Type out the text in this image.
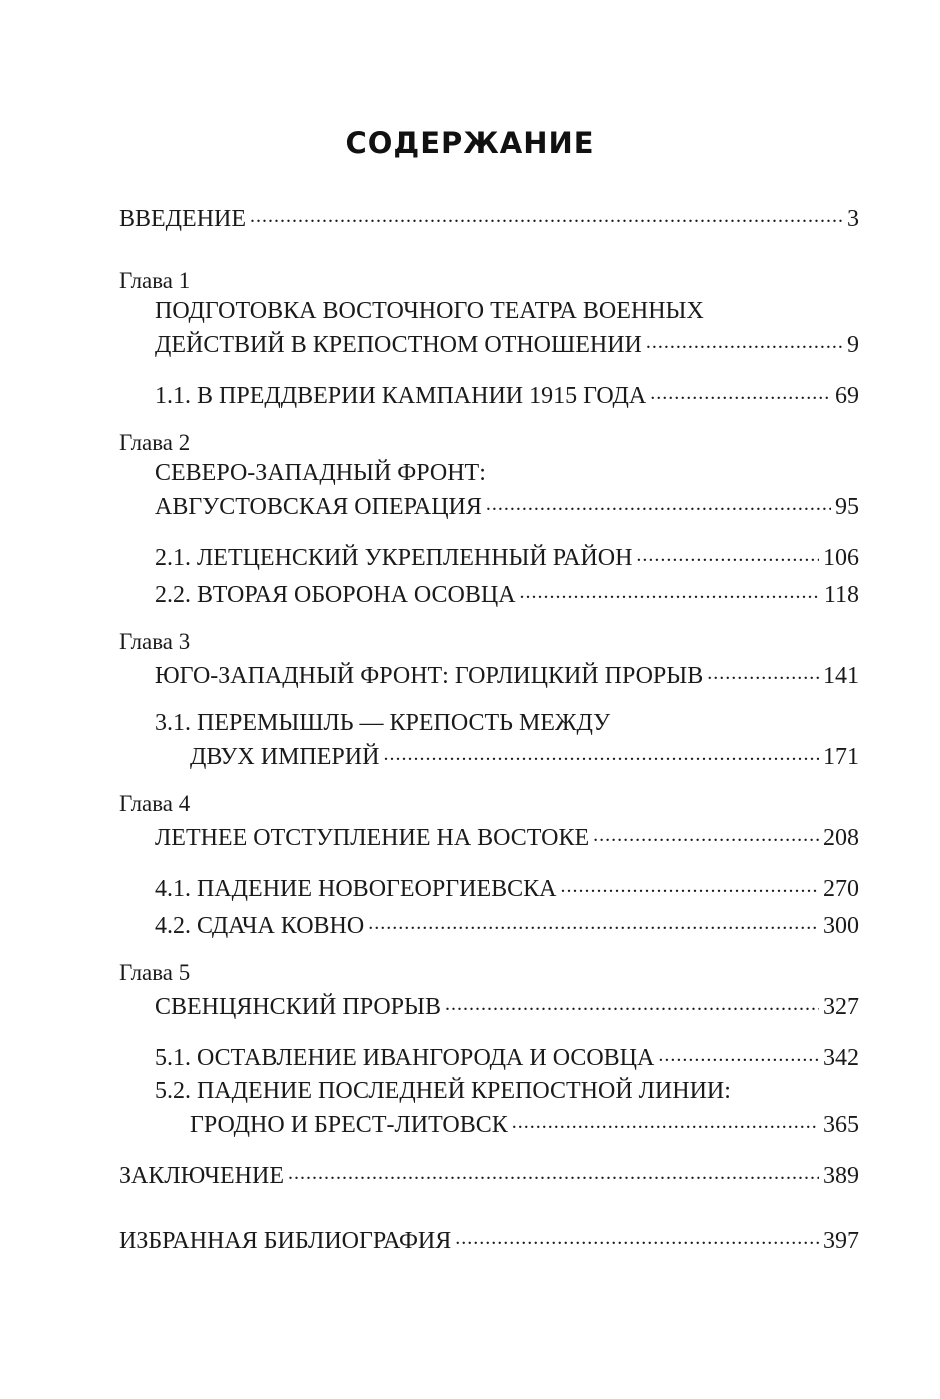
СОДЕРЖАНИЕ
ВВЕДЕНИЕ .....	3
Глава 1
ПОДГОТОВКА ВОСТОЧНОГО ТЕАТРА ВОЕННЫХ
ДЕЙСТВИЙ В КРЕПОСТНОМ ОТНОШЕНИИ .....	9
1.1. В ПРЕДДВЕРИИ КАМПАНИИ 1915 ГОДА .....	69
Глава 2
СЕВЕРО-ЗАПАДНЫЙ ФРОНТ:
АВГУСТОВСКАЯ ОПЕРАЦИЯ .....	95
2.1. ЛЕТЦЕНСКИЙ УКРЕПЛЕННЫЙ РАЙОН .....	106
2.2. ВТОРАЯ ОБОРОНА ОСОВЦА .....	118
Глава 3
ЮГО-ЗАПАДНЫЙ ФРОНТ: ГОРЛИЦКИЙ ПРОРЫВ .....	141
3.1. ПЕРЕМЫШЛЬ — КРЕПОСТЬ МЕЖДУ
ДВУХ ИМПЕРИЙ .....	171
Глава 4
ЛЕТНЕЕ ОТСТУПЛЕНИЕ НА ВОСТОКЕ .....	208
4.1. ПАДЕНИЕ НОВОГЕОРГИЕВСКА .....	270
4.2. СДАЧА КОВНО .....	300
Глава 5
СВЕНЦЯНСКИЙ ПРОРЫВ .....	327
5.1. ОСТАВЛЕНИЕ ИВАНГОРОДА И ОСОВЦА .....	342
5.2. ПАДЕНИЕ ПОСЛЕДНЕЙ КРЕПОСТНОЙ ЛИНИИ:
ГРОДНО И БРЕСТ-ЛИТОВСК .....	365
ЗАКЛЮЧЕНИЕ .....	389
ИЗБРАННАЯ БИБЛИОГРАФИЯ .....	397
